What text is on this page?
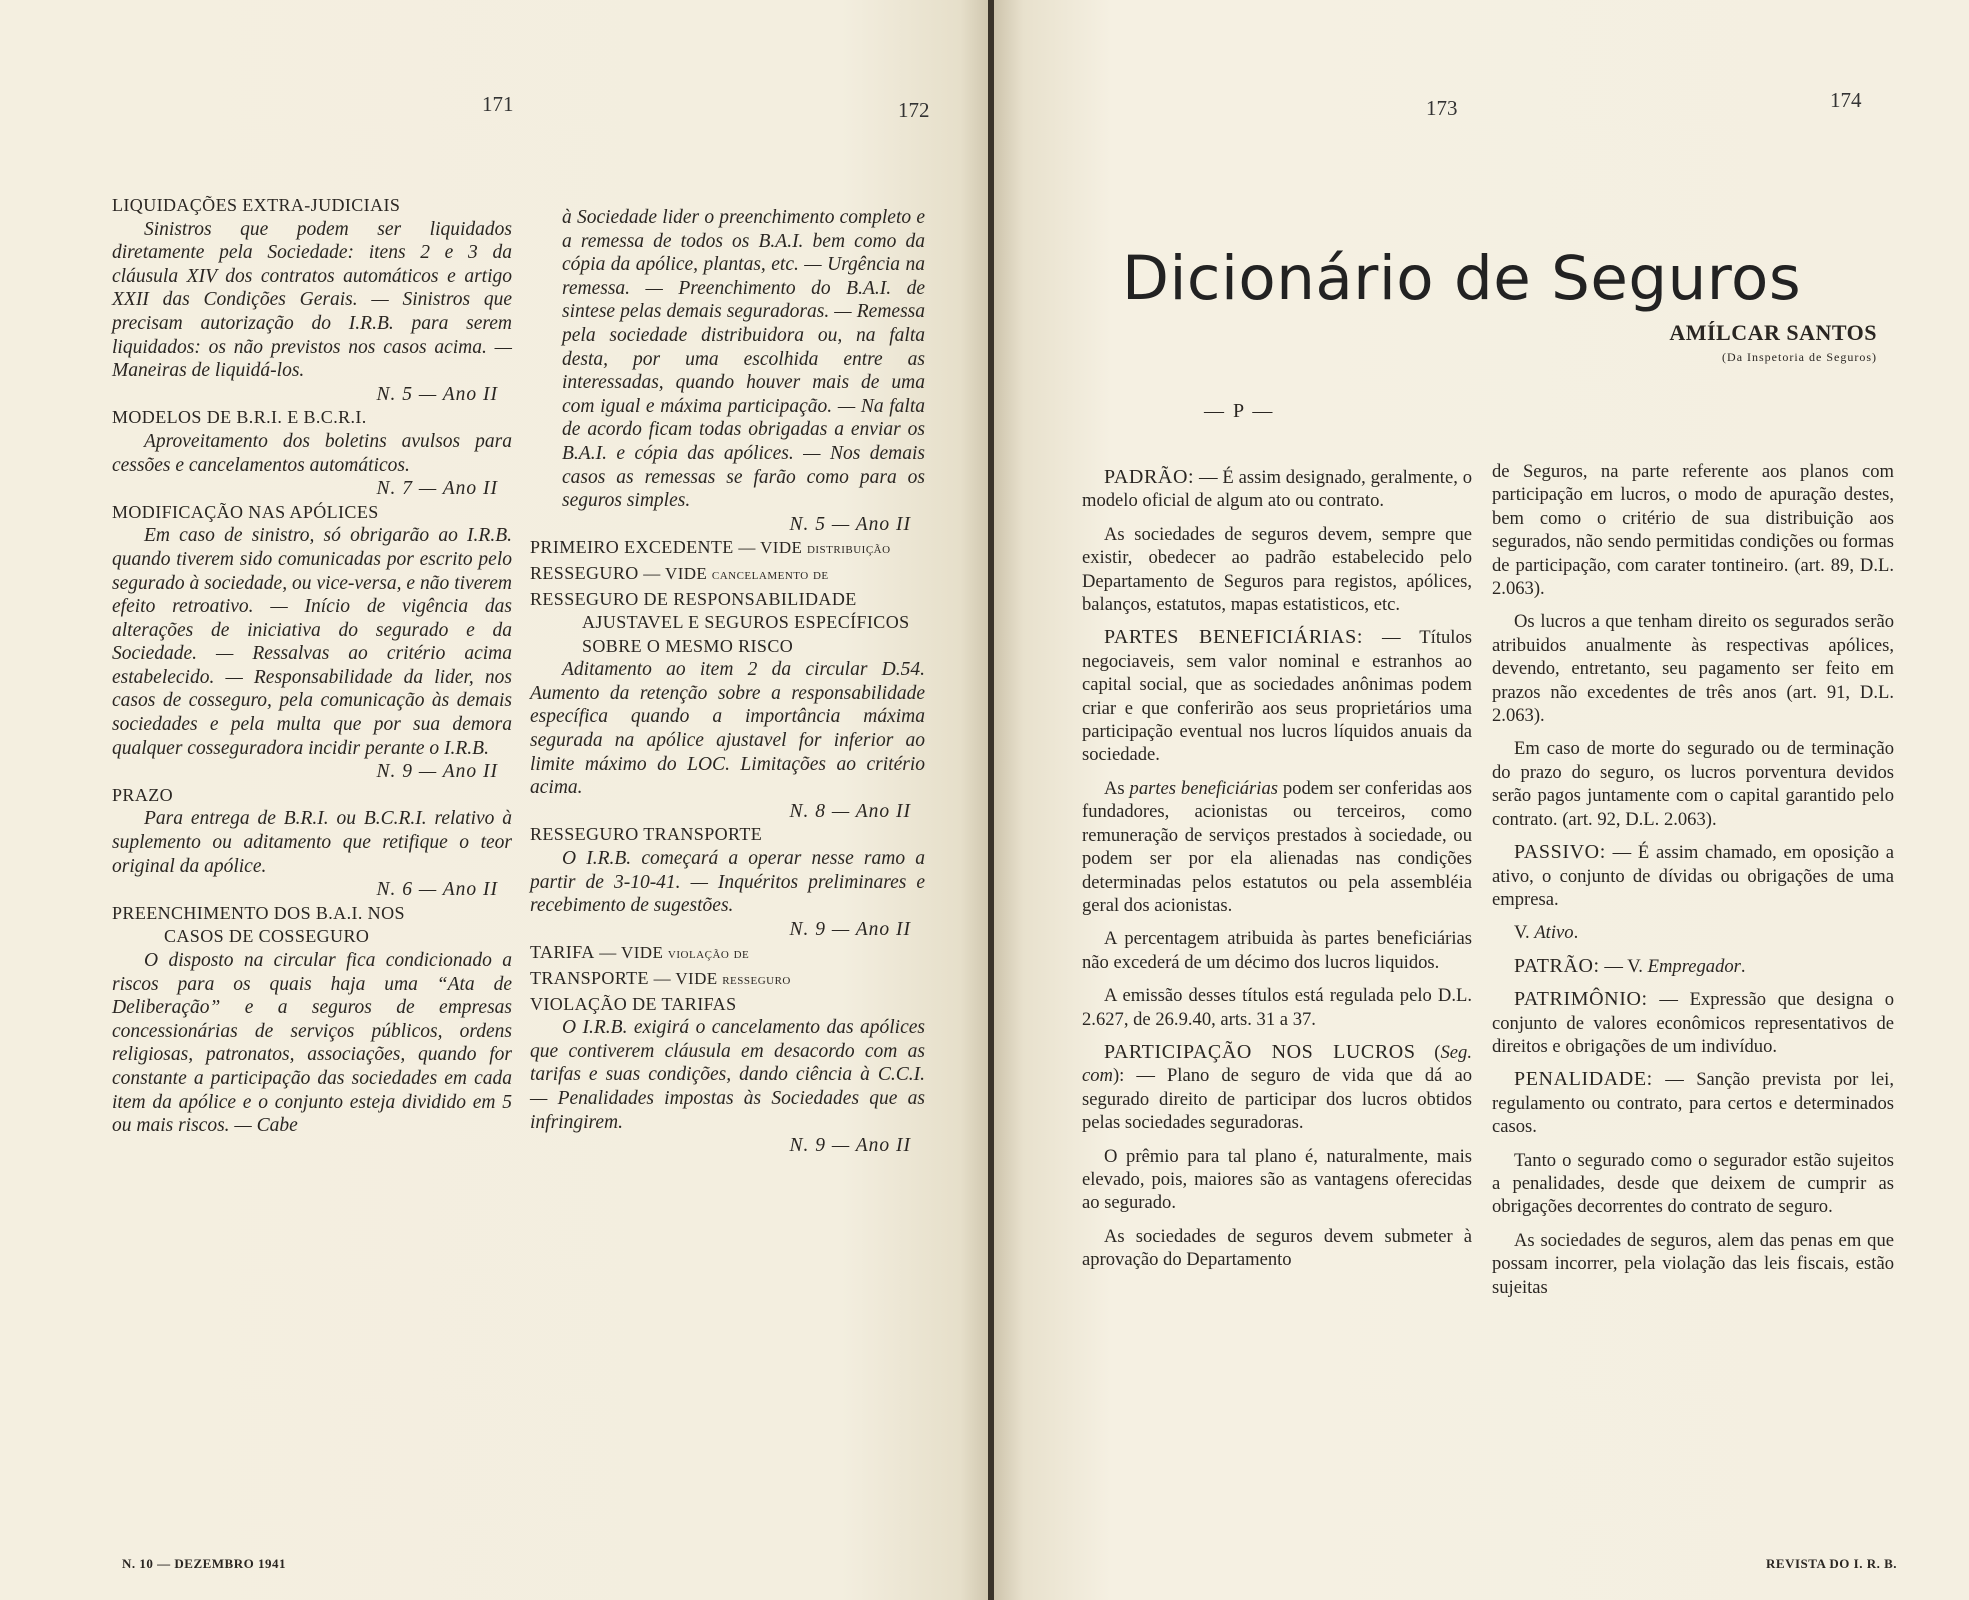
171	172

LIQUIDAÇÕES EXTRA-JUDICIAIS

Sinistros que podem ser liquidados diretamente pela Sociedade: itens 2 e 3 da cláusula XIV dos contratos automáticos e artigo XXII das Condições Gerais. — Sinistros que precisam autorização do I.R.B. para serem liquidados: os não previstos nos casos acima. — Maneiras de liquidá-los.

N. 5 — Ano II

MODELOS DE B.R.I. E B.C.R.I.

Aproveitamento dos boletins avulsos para cessões e cancelamentos automáticos.

N. 7 — Ano II

MODIFICAÇÃO NAS APÓLICES

Em caso de sinistro, só obrigarão ao I.R.B. quando tiverem sido comunicadas por escrito pelo segurado à sociedade, ou vice-versa, e não tiverem efeito retroativo. — Início de vigência das alterações de iniciativa do segurado e da Sociedade. — Ressalvas ao critério acima estabelecido. — Responsabilidade da lider, nos casos de cosseguro, pela comunicação às demais sociedades e pela multa que por sua demora qualquer cosseguradora incidir perante o I.R.B.

N. 9 — Ano II

PRAZO

Para entrega de B.R.I. ou B.C.R.I. relativo à suplemento ou aditamento que retifique o teor original da apólice.

N. 6 — Ano II

PREENCHIMENTO DOS B.A.I. NOS

CASOS DE COSSEGURO

O disposto na circular fica condicionado a riscos para os quais haja uma “Ata de Deliberação” e a seguros de empresas concessionárias de serviços públicos, ordens religiosas, patronatos, associações, quando for constante a participação das sociedades em cada item da apólice e o conjunto esteja dividido em 5 ou mais riscos. — Cabe

à Sociedade lider o preenchimento completo e a remessa de todos os B.A.I. bem como da cópia da apólice, plantas, etc. — Urgência na remessa. — Preenchimento do B.A.I. de sintese pelas demais seguradoras. — Remessa pela sociedade distribuidora ou, na falta desta, por uma escolhida entre as interessadas, quando houver mais de uma com igual e máxima participação. — Na falta de acordo ficam todas obrigadas a enviar os B.A.I. e cópia das apólices. — Nos demais casos as remessas se farão como para os seguros simples.

N. 5 — Ano II

PRIMEIRO EXCEDENTE — VIDE distribuição

RESSEGURO — VIDE cancelamento de

RESSEGURO DE RESPONSABILIDADE

AJUSTAVEL E SEGUROS ESPECÍFICOS SOBRE O MESMO RISCO

Aditamento ao item 2 da circular D.54. Aumento da retenção sobre a responsabilidade específica quando a importância máxima segurada na apólice ajustavel for inferior ao limite máximo do LOC. Limitações ao critério acima.

N. 8 — Ano II

RESSEGURO TRANSPORTE

O I.R.B. começará a operar nesse ramo a partir de 3-10-41. — Inquéritos preliminares e recebimento de sugestões.

N. 9 — Ano II

TARIFA — VIDE violação de

TRANSPORTE — VIDE resseguro

VIOLAÇÃO DE TARIFAS

O I.R.B. exigirá o cancelamento das apólices que contiverem cláusula em desacordo com as tarifas e suas condições, dando ciência à C.C.I. — Penalidades impostas às Sociedades que as infringirem.

N. 9 — Ano II

N. 10 — DEZEMBRO 1941
173	174
Dicionário de Seguros
AMÍLCAR SANTOS
(Da Inspetoria de Seguros)
— P —

PADRÃO: — É assim designado, geralmente, o modelo oficial de algum ato ou contrato.

As sociedades de seguros devem, sempre que existir, obedecer ao padrão estabelecido pelo Departamento de Seguros para registos, apólices, balanços, estatutos, mapas estatisticos, etc.

PARTES BENEFICIÁRIAS: — Títulos negociaveis, sem valor nominal e estranhos ao capital social, que as sociedades anônimas podem criar e que conferirão aos seus proprietários uma participação eventual nos lucros líquidos anuais da sociedade.

As partes beneficiárias podem ser conferidas aos fundadores, acionistas ou terceiros, como remuneração de serviços prestados à sociedade, ou podem ser por ela alienadas nas condições determinadas pelos estatutos ou pela assembléia geral dos acionistas.

A percentagem atribuida às partes beneficiárias não excederá de um décimo dos lucros liquidos.

A emissão desses títulos está regulada pelo D.L. 2.627, de 26.9.40, arts. 31 a 37.

PARTICIPAÇÃO NOS LUCROS (Seg. com): — Plano de seguro de vida que dá ao segurado direito de participar dos lucros obtidos pelas sociedades seguradoras.

O prêmio para tal plano é, naturalmente, mais elevado, pois, maiores são as vantagens oferecidas ao segurado.

As sociedades de seguros devem submeter à aprovação do Departamento

de Seguros, na parte referente aos planos com participação em lucros, o modo de apuração destes, bem como o critério de sua distribuição aos segurados, não sendo permitidas condições ou formas de participação, com carater tontineiro. (art. 89, D.L. 2.063).

Os lucros a que tenham direito os segurados serão atribuidos anualmente às respectivas apólices, devendo, entretanto, seu pagamento ser feito em prazos não excedentes de três anos (art. 91, D.L. 2.063).

Em caso de morte do segurado ou de terminação do prazo do seguro, os lucros porventura devidos serão pagos juntamente com o capital garantido pelo contrato. (art. 92, D.L. 2.063).

PASSIVO: — É assim chamado, em oposição a ativo, o conjunto de dívidas ou obrigações de uma empresa.

V. Ativo.

PATRÃO: — V. Empregador.

PATRIMÔNIO: — Expressão que designa o conjunto de valores econômicos representativos de direitos e obrigações de um indivíduo.

PENALIDADE: — Sanção prevista por lei, regulamento ou contrato, para certos e determinados casos.

Tanto o segurado como o segurador estão sujeitos a penalidades, desde que deixem de cumprir as obrigações decorrentes do contrato de seguro.

As sociedades de seguros, alem das penas em que possam incorrer, pela violação das leis fiscais, estão sujeitas

REVISTA DO I. R. B.
